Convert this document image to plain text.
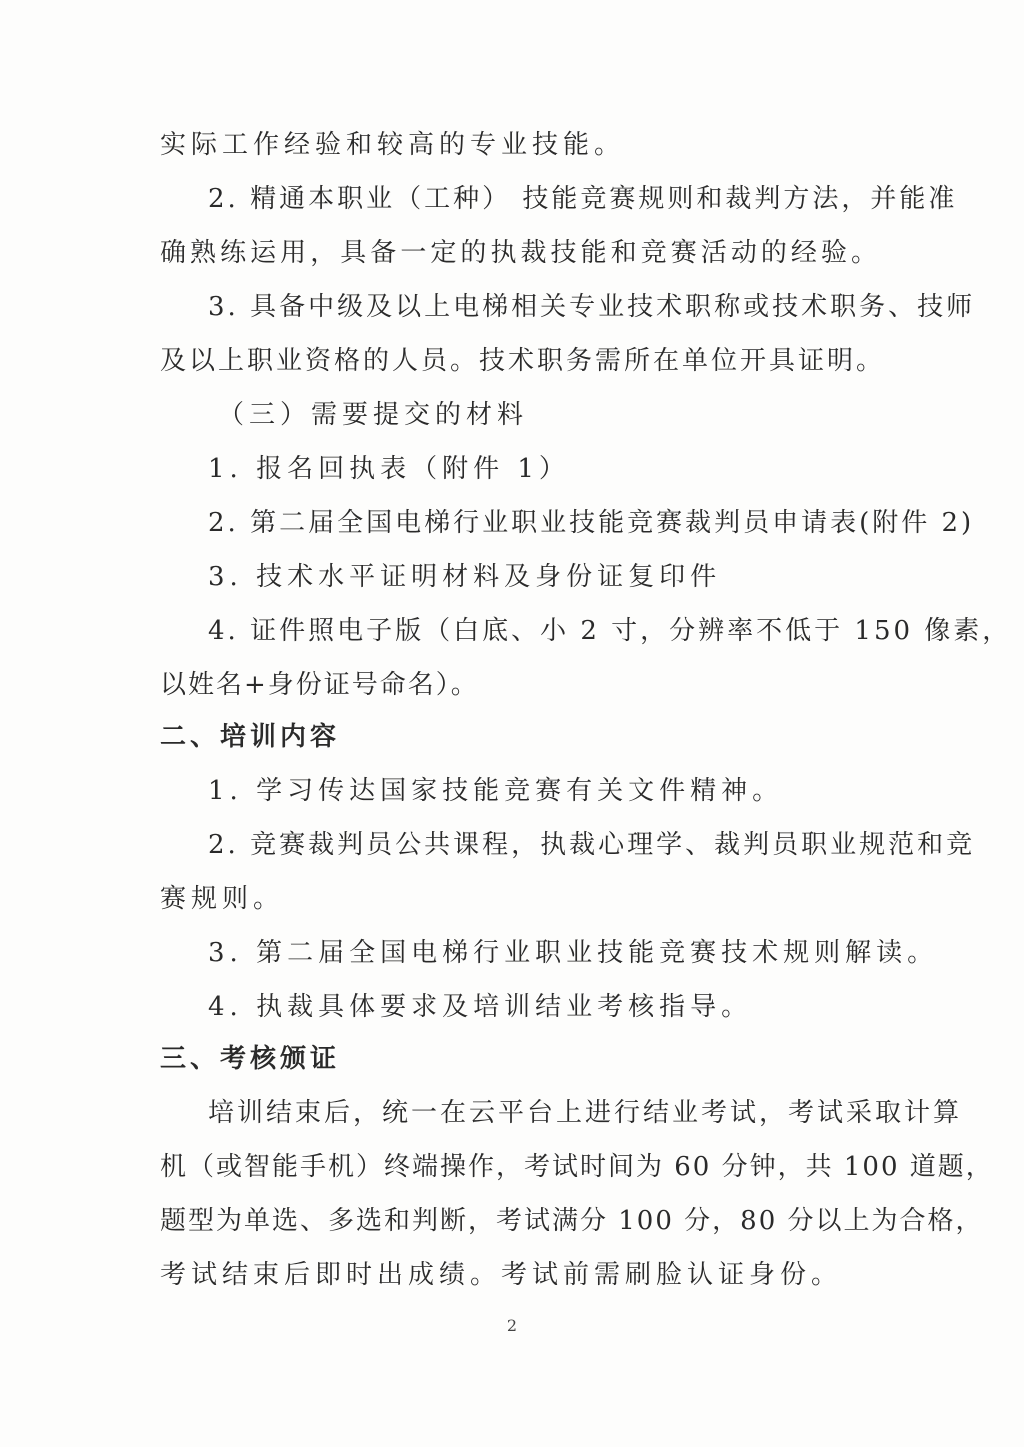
实际工作经验和较高的专业技能。
2. 精通本职业（工种） 技能竞赛规则和裁判方法，并能准
确熟练运用，具备一定的执裁技能和竞赛活动的经验。
3. 具备中级及以上电梯相关专业技术职称或技术职务、技师
及以上职业资格的人员。技术职务需所在单位开具证明。
（三）需要提交的材料
1. 报名回执表（附件 1）
2. 第二届全国电梯行业职业技能竞赛裁判员申请表(附件 2)
3. 技术水平证明材料及身份证复印件
4. 证件照电子版（白底、小 2 寸，分辨率不低于 150 像素，
以姓名+身份证号命名）。
二、培训内容
1. 学习传达国家技能竞赛有关文件精神。
2. 竞赛裁判员公共课程，执裁心理学、裁判员职业规范和竞
赛规则。
3. 第二届全国电梯行业职业技能竞赛技术规则解读。
4. 执裁具体要求及培训结业考核指导。
三、考核颁证
培训结束后，统一在云平台上进行结业考试，考试采取计算
机（或智能手机）终端操作，考试时间为 60 分钟，共 100 道题，
题型为单选、多选和判断，考试满分 100 分，80 分以上为合格，
考试结束后即时出成绩。考试前需刷脸认证身份。
2
